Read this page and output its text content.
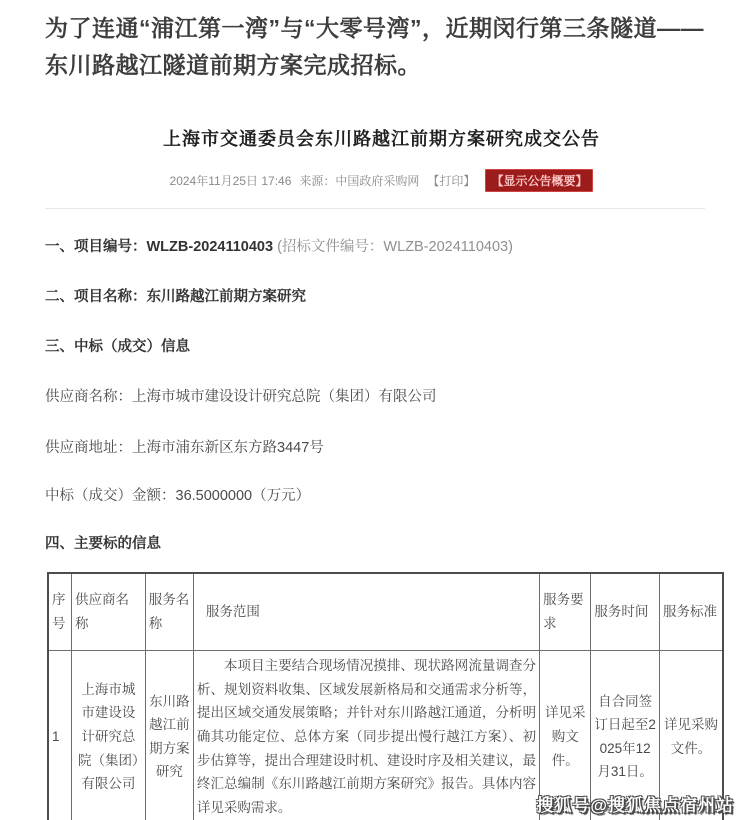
为了连通“浦江第一湾”与“大零号湾”，近期闵行第三条隧道——东川路越江隧道前期方案完成招标。

上海市交通委员会东川路越江前期方案研究成交公告
2024年11月25日 17:46 来源：中国政府采购网 【打印】	【显示公告概要】

一、项目编号：WLZB-2024110403 (招标文件编号：WLZB-2024110403)

二、项目名称：东川路越江前期方案研究

三、中标（成交）信息

供应商名称：上海市城市建设设计研究总院（集团）有限公司

供应商地址：上海市浦东新区东方路3447号

中标（成交）金额：36.5000000（万元）

四、主要标的信息

序号	供应商名称	服务名称	服务范围	服务要求	服务时间	服务标准
1	上海市城市建设设计研究总院（集团）有限公司	东川路越江前期方案研究	本项目主要结合现场情况摸排、现状路网流量调查分析、规划资料收集、区域发展新格局和交通需求分析等，提出区域交通发展策略；并针对东川路越江通道，分析明确其功能定位、总体方案（同步提出慢行越江方案）、初步估算等，提出合理建设时机、建设时序及相关建议，最终汇总编制《东川路越江前期方案研究》报告。具体内容详见采购需求。	详见采购文件。	自合同签订日起至2025年12月31日。	详见采购文件。

搜狐号@搜狐焦点宿州站
